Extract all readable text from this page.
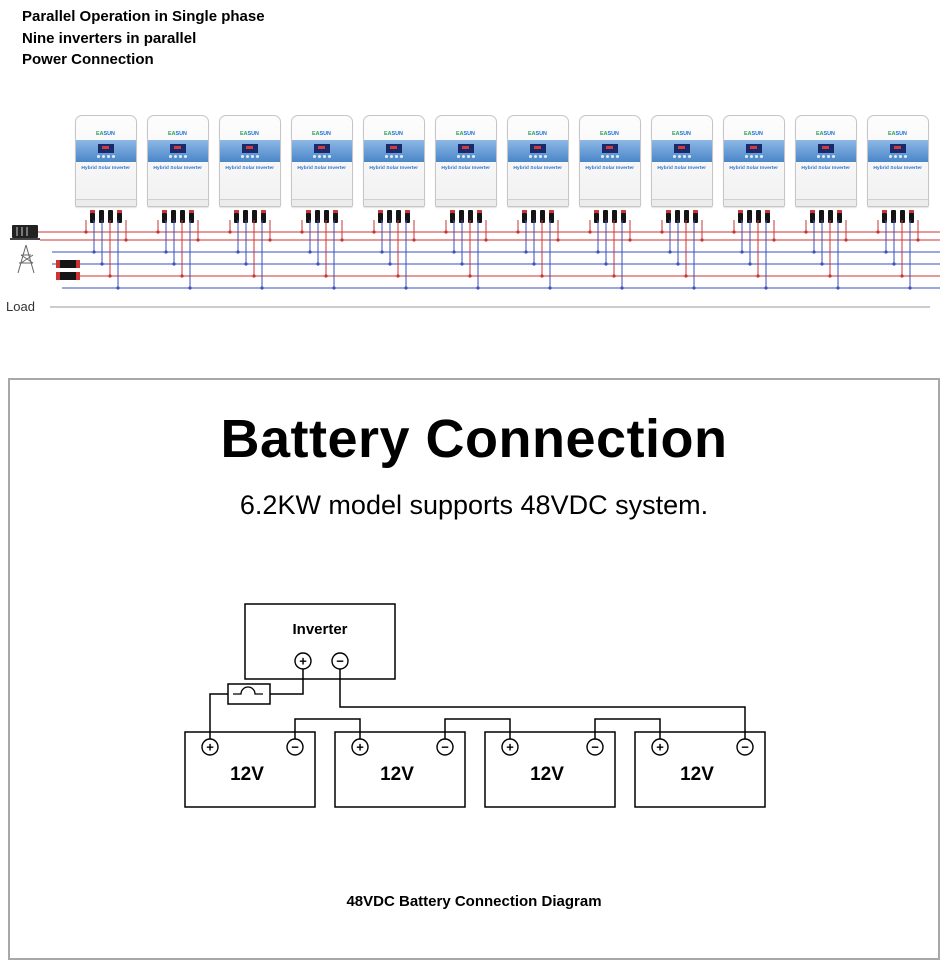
Parallel Operation in Single phase
Nine inverters in parallel
Power Connection
EASUN
Hybrid Solar Inverter
EASUN
Hybrid Solar Inverter
EASUN
Hybrid Solar Inverter
EASUN
Hybrid Solar Inverter
EASUN
Hybrid Solar Inverter
EASUN
Hybrid Solar Inverter
EASUN
Hybrid Solar Inverter
EASUN
Hybrid Solar Inverter
EASUN
Hybrid Solar Inverter
EASUN
Hybrid Solar Inverter
EASUN
Hybrid Solar Inverter
EASUN
Hybrid Solar Inverter
Load
Battery Connection

6.2KW model supports 48VDC system.

+ −
+	−	+	−	+	−	+	−
Inverter
12V	12V	12V	12V
48VDC Battery Connection Diagram
